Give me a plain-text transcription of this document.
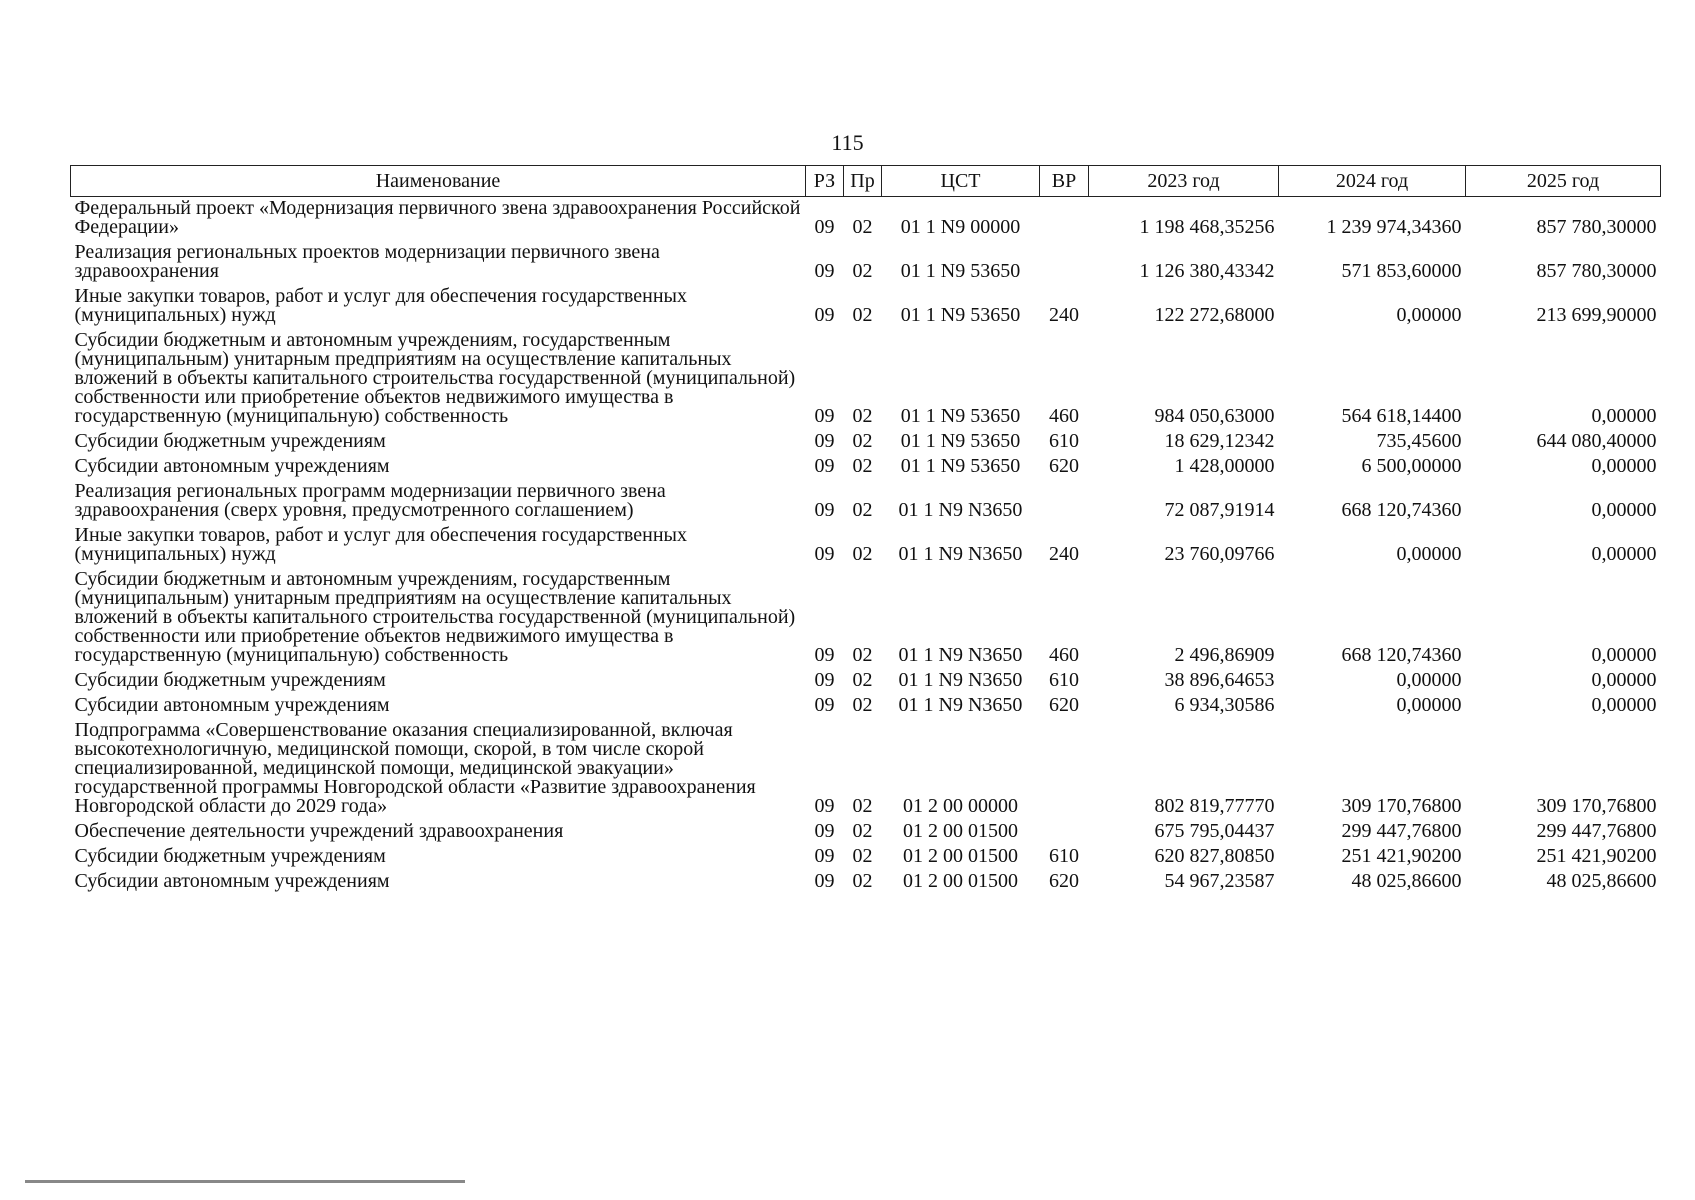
115
Наименование	РЗ	Пр	ЦСТ	ВР	2023 год	2024 год	2025 год
Федеральный проект «Модернизация первичного звена здравоохранения Российской Федерации»	09	02	01 1 N9 00000		1 198 468,35256	1 239 974,34360	857 780,30000
Реализация региональных проектов модернизации первичного звена здравоохранения	09	02	01 1 N9 53650		1 126 380,43342	571 853,60000	857 780,30000
Иные закупки товаров, работ и услуг для обеспечения государственных (муниципальных) нужд	09	02	01 1 N9 53650	240	122 272,68000	0,00000	213 699,90000
Субсидии бюджетным и автономным учреждениям, государственным (муниципальным) унитарным предприятиям на осуществление капитальных вложений в объекты капитального строительства государственной (муниципальной) собственности или приобретение объектов недвижимого имущества в государственную (муниципальную) собственность	09	02	01 1 N9 53650	460	984 050,63000	564 618,14400	0,00000
Субсидии бюджетным учреждениям	09	02	01 1 N9 53650	610	18 629,12342	735,45600	644 080,40000
Субсидии автономным учреждениям	09	02	01 1 N9 53650	620	1 428,00000	6 500,00000	0,00000
Реализация региональных программ модернизации первичного звена здравоохранения (сверх уровня, предусмотренного соглашением)	09	02	01 1 N9 N3650		72 087,91914	668 120,74360	0,00000
Иные закупки товаров, работ и услуг для обеспечения государственных (муниципальных) нужд	09	02	01 1 N9 N3650	240	23 760,09766	0,00000	0,00000
Субсидии бюджетным и автономным учреждениям, государственным (муниципальным) унитарным предприятиям на осуществление капитальных вложений в объекты капитального строительства государственной (муниципальной) собственности или приобретение объектов недвижимого имущества в государственную (муниципальную) собственность	09	02	01 1 N9 N3650	460	2 496,86909	668 120,74360	0,00000
Субсидии бюджетным учреждениям	09	02	01 1 N9 N3650	610	38 896,64653	0,00000	0,00000
Субсидии автономным учреждениям	09	02	01 1 N9 N3650	620	6 934,30586	0,00000	0,00000
Подпрограмма «Совершенствование оказания специализированной, включая высокотехнологичную, медицинской помощи, скорой, в том числе скорой специализированной, медицинской помощи, медицинской эвакуации» государственной программы Новгородской области «Развитие здравоохранения Новгородской области до 2029 года»	09	02	01 2 00 00000		802 819,77770	309 170,76800	309 170,76800
Обеспечение деятельности учреждений здравоохранения	09	02	01 2 00 01500		675 795,04437	299 447,76800	299 447,76800
Субсидии бюджетным учреждениям	09	02	01 2 00 01500	610	620 827,80850	251 421,90200	251 421,90200
Субсидии автономным учреждениям	09	02	01 2 00 01500	620	54 967,23587	48 025,86600	48 025,86600
